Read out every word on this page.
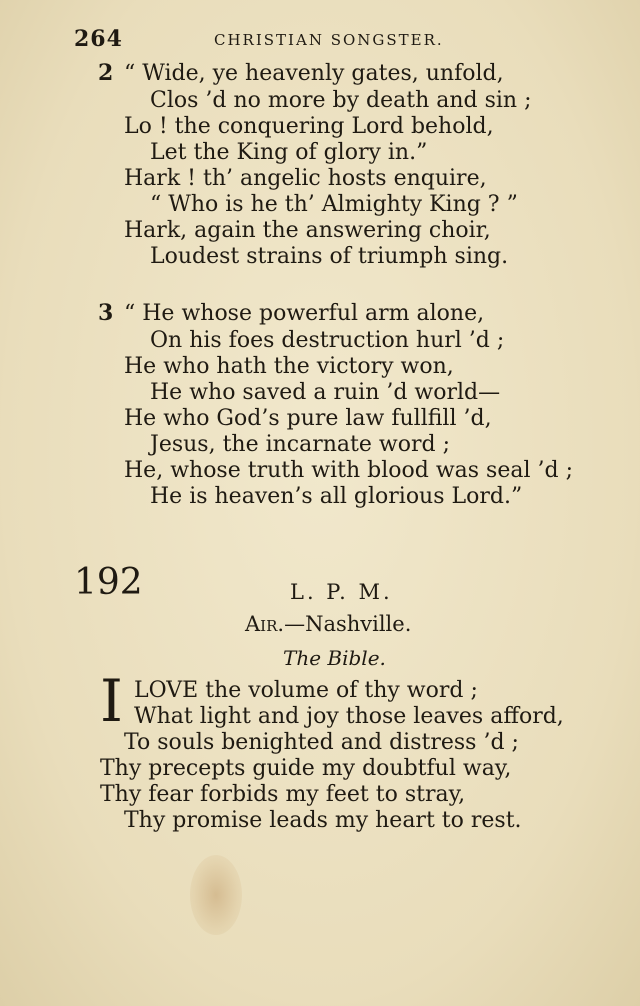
264	CHRISTIAN SONGSTER.
2 “ Wide, ye heavenly gates, unfold,
Clos ’d no more by death and sin ;
Lo ! the conquering Lord behold,
Let the King of glory in.”
Hark ! th’ angelic hosts enquire,
“ Who is he th’ Almighty King ? ”
Hark, again the answering choir,
Loudest strains of triumph sing.
3 “ He whose powerful arm alone,
On his foes destruction hurl ’d ;
He who hath the victory won,
He who saved a ruin ’d world—
He who God’s pure law fullfill ’d,
Jesus, the incarnate word ;
He, whose truth with blood was seal ’d ;
He is heaven’s all glorious Lord.”
192	L. P. M.
Air.—Nashville.
The Bible.
I LOVE the volume of thy word ;
What light and joy those leaves afford,
To souls benighted and distress ’d ;
Thy precepts guide my doubtful way,
Thy fear forbids my feet to stray,
Thy promise leads my heart to rest.
